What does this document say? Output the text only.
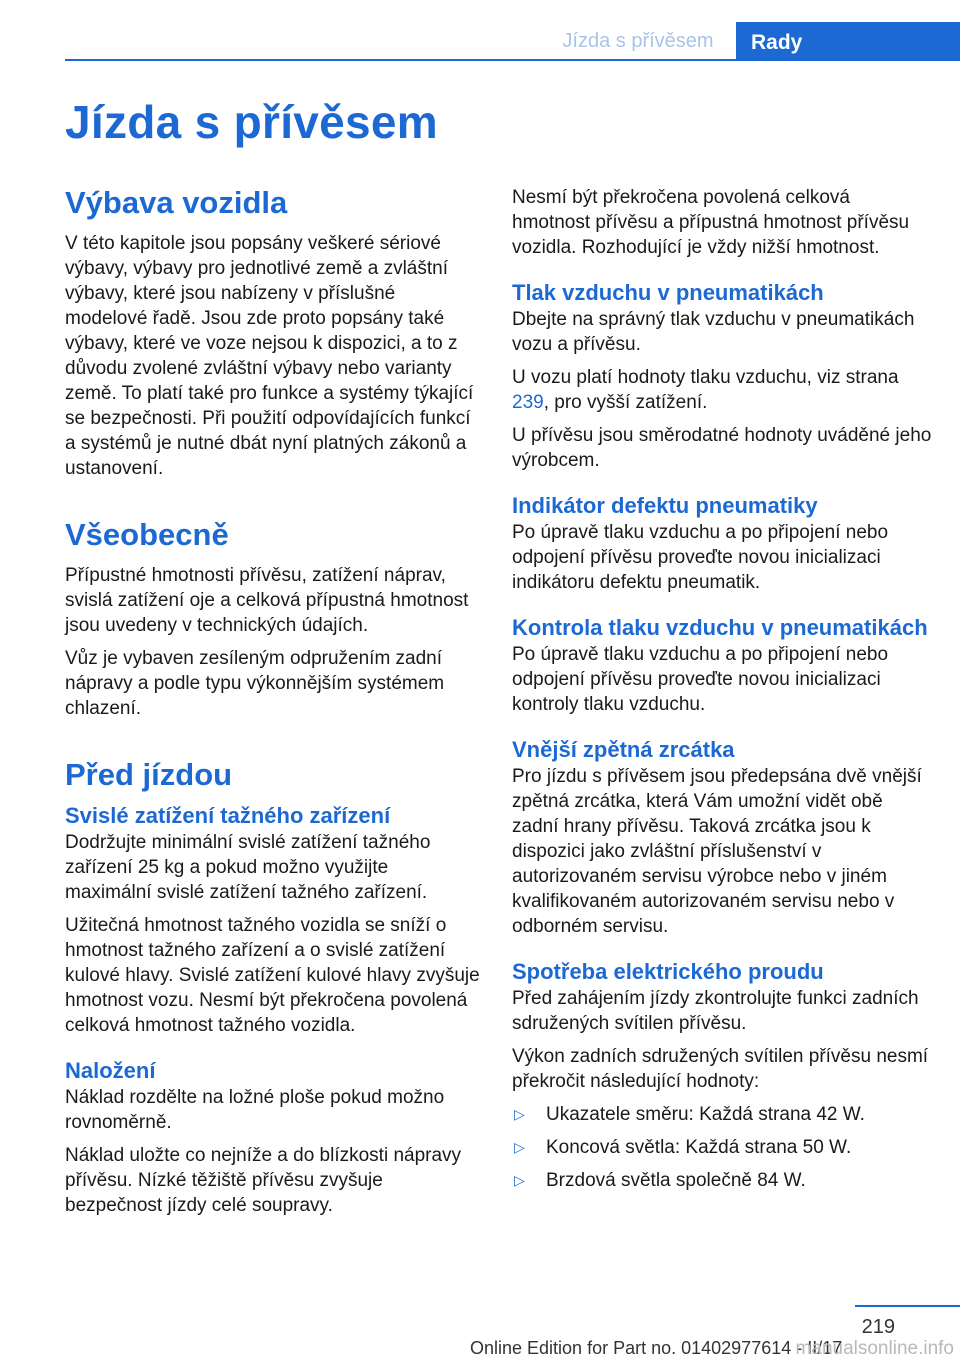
Jízda s přívěsem	Rady
Jízda s přívěsem
Výbava vozidla

V této kapitole jsou popsány veškeré sériové výbavy, výbavy pro jednotlivé země a zvláštní výbavy, které jsou nabízeny v příslušné modelové řadě. Jsou zde proto popsány také výbavy, které ve voze nejsou k dispozici, a to z důvodu zvolené zvláštní výbavy nebo varianty země. To platí také pro funkce a systémy týkající se bezpečnosti. Při použití odpovídajících funkcí a systémů je nutné dbát nyní platných zákonů a ustanovení.

Všeobecně

Přípustné hmotnosti přívěsu, zatížení náprav, svislá zatížení oje a celková přípustná hmotnost jsou uvedeny v technických údajích.

Vůz je vybaven zesíleným odpružením zadní nápravy a podle typu výkonnějším systémem chlazení.

Před jízdou
Svislé zatížení tažného zařízení

Dodržujte minimální svislé zatížení tažného zařízení 25 kg a pokud možno využijte maximální svislé zatížení tažného zařízení.

Užitečná hmotnost tažného vozidla se sníží o hmotnost tažného zařízení a o svislé zatížení kulové hlavy. Svislé zatížení kulové hlavy zvyšuje hmotnost vozu. Nesmí být překročena povolená celková hmotnost tažného vozidla.

Naložení

Náklad rozdělte na ložné ploše pokud možno rovnoměrně.

Náklad uložte co nejníže a do blízkosti nápravy přívěsu. Nízké těžiště přívěsu zvyšuje bezpečnost jízdy celé soupravy.

Nesmí být překročena povolená celková hmotnost přívěsu a přípustná hmotnost přívěsu vozidla. Rozhodující je vždy nižší hmotnost.

Tlak vzduchu v pneumatikách

Dbejte na správný tlak vzduchu v pneumatikách vozu a přívěsu.

U vozu platí hodnoty tlaku vzduchu, viz strana 239, pro vyšší zatížení.

U přívěsu jsou směrodatné hodnoty uváděné jeho výrobcem.

Indikátor defektu pneumatiky

Po úpravě tlaku vzduchu a po připojení nebo odpojení přívěsu proveďte novou inicializaci indikátoru defektu pneumatik.

Kontrola tlaku vzduchu v pneumatikách

Po úpravě tlaku vzduchu a po připojení nebo odpojení přívěsu proveďte novou inicializaci kontroly tlaku vzduchu.

Vnější zpětná zrcátka

Pro jízdu s přívěsem jsou předepsána dvě vnější zpětná zrcátka, která Vám umožní vidět obě zadní hrany přívěsu. Taková zrcátka jsou k dispozici jako zvláštní příslušenství v autorizovaném servisu výrobce nebo v jiném kvalifikovaném autorizovaném servisu nebo v odborném servisu.

Spotřeba elektrického proudu

Před zahájením jízdy zkontrolujte funkci zadních sdružených svítilen přívěsu.

Výkon zadních sdružených svítilen přívěsu nesmí překročit následující hodnoty:

▷ Ukazatele směru: Každá strana 42 W.
▷ Koncová světla: Každá strana 50 W.
▷ Brzdová světla společně 84 W.
219
Online Edition for Part no. 01402977614 - II/17
manualsonline.info
